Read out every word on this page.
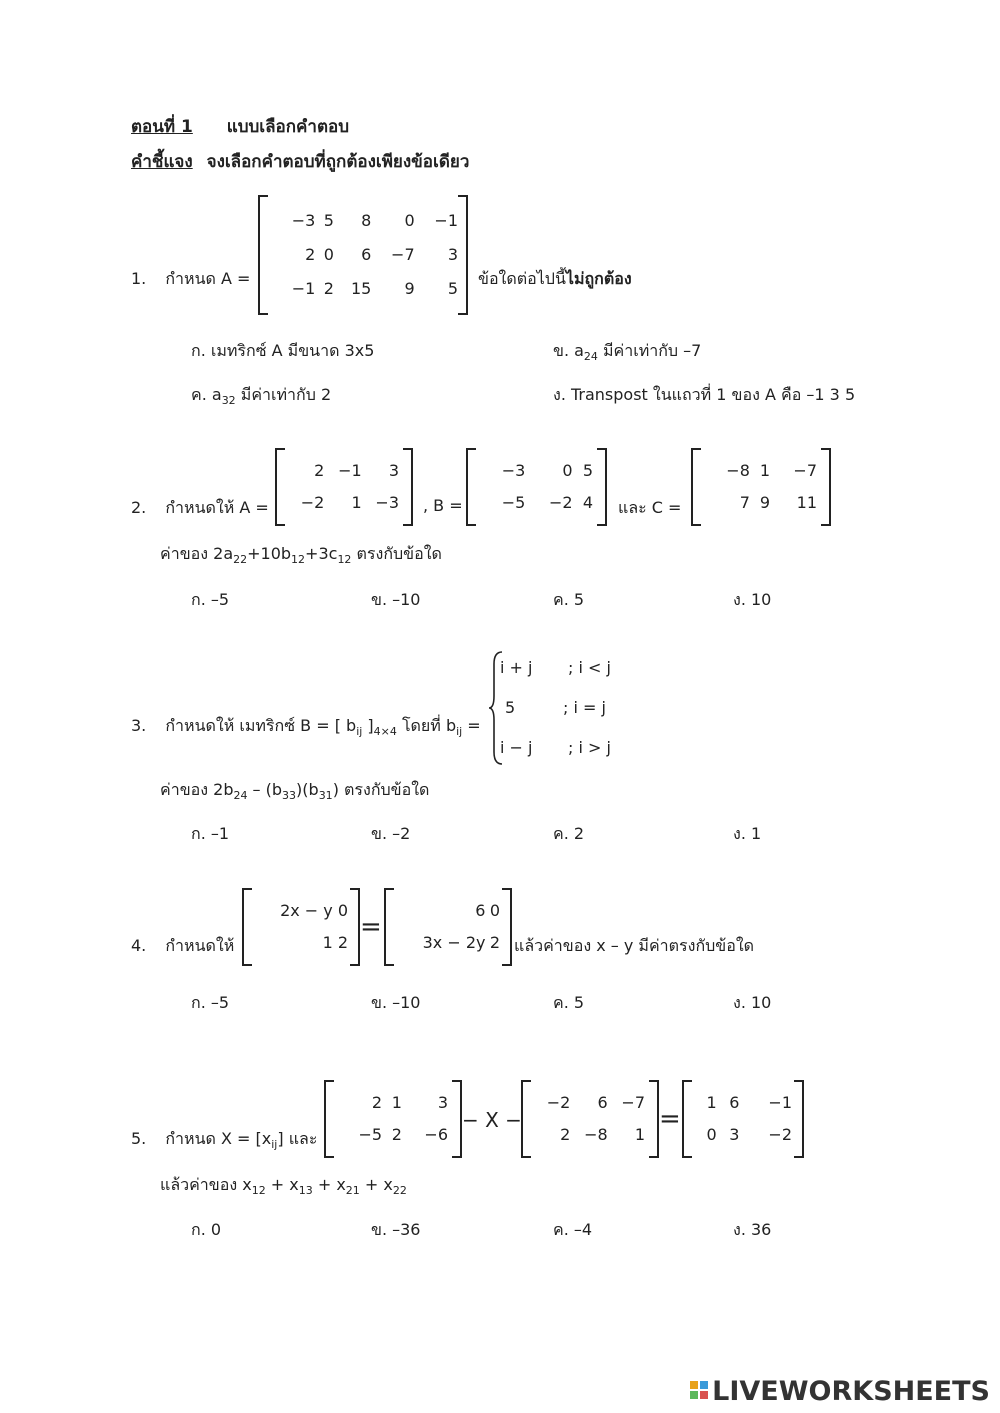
ตอนที่ 1 แบบเลือกคำตอบ
คำชี้แจง จงเลือกคำตอบที่ถูกต้องเพียงข้อเดียว
1. กำหนด A =
−3	5	8	0	−1
2	0	6	−7	3
−1	2	15	9	5 ข้อใดต่อไปนี้ไม่ถูกต้อง
ก. เมทริกซ์ A มีขนาด 3x5	ข. $a_{24}$ มีค่าเท่ากับ –7
ค. $a_{32}$ มีค่าเท่ากับ 2	ง. Transpost ในแถวที่ 1 ของ A คือ –1 3 5
2. กำหนดให้ A =
2	−1	3
−2	1	−3 , B =
−3	0	5
−5	−2	4 และ C =
−8	1	−7
7	9	11
ค่าของ $2a_{22}+10b_{12}+3c_{12}$ ตรงกับข้อใด
ก. –5	ข. –10	ค. 5	ง. 10
3. กำหนดให้ เมทริกซ์ B = [ $b_{ij}$ ]$_{4\times 4}$ โดยที่ $b_{ij}$ =
i + j ; i < j
5	; i = j
i − j ; i > j
ค่าของ $2b_{24} - (b_{33})(b_{31})$ ตรงกับข้อใด
ก. –1	ข. –2	ค. 2	ง. 1
4. กำหนดให้
2x − y	0
1	2 =
6	0
3x − 2y	2 แล้วค่าของ x – y มีค่าตรงกับข้อใด
ก. –5	ข. –10	ค. 5	ง. 10
5. กำหนด $X = [x_{ij}]$ และ
2	1	3
−5	2	−6
− X −
−2	6	−7
2	−8	1 =
1	6	−1
0	3	−2
แล้วค่าของ $x_{12} + x_{13} + x_{21} + x_{22}$
ก. 0	ข. –36	ค. –4	ง. 36
LIVEWORKSHEETS
